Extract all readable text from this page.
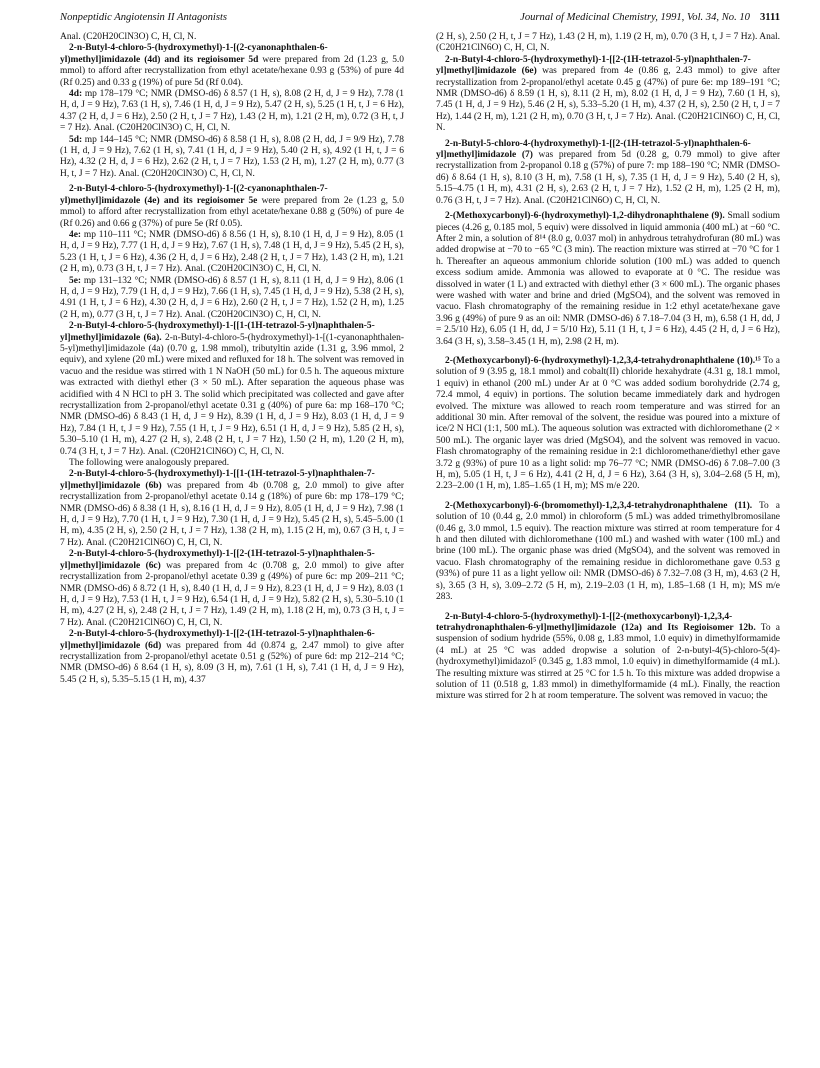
Nonpeptidic Angiotensin II Antagonists	Journal of Medicinal Chemistry, 1991, Vol. 34, No. 10 3111

Anal. (C20H20ClN3O) C, H, Cl, N.

2-n-Butyl-4-chloro-5-(hydroxymethyl)-1-[(2-cyanonaphthalen-6-yl)methyl]imidazole (4d) and its regioisomer 5d were prepared from 2d (1.23 g, 5.0 mmol) to afford after recrystallization from ethyl acetate/hexane 0.93 g (53%) of pure 4d (Rf 0.25) and 0.33 g (19%) of pure 5d (Rf 0.04).

4d: mp 178–179 °C; NMR (DMSO-d6) δ 8.57 (1 H, s), 8.08 (2 H, d, J = 9 Hz), 7.78 (1 H, d, J = 9 Hz), 7.63 (1 H, s), 7.46 (1 H, d, J = 9 Hz), 5.47 (2 H, s), 5.25 (1 H, t, J = 6 Hz), 4.37 (2 H, d, J = 6 Hz), 2.50 (2 H, t, J = 7 Hz), 1.43 (2 H, m), 1.21 (2 H, m), 0.72 (3 H, t, J = 7 Hz). Anal. (C20H20ClN3O) C, H, Cl, N.

5d: mp 144–145 °C; NMR (DMSO-d6) δ 8.58 (1 H, s), 8.08 (2 H, dd, J = 9/9 Hz), 7.78 (1 H, d, J = 9 Hz), 7.62 (1 H, s), 7.41 (1 H, d, J = 9 Hz), 5.40 (2 H, s), 4.92 (1 H, t, J = 6 Hz), 4.32 (2 H, d, J = 6 Hz), 2.62 (2 H, t, J = 7 Hz), 1.53 (2 H, m), 1.27 (2 H, m), 0.77 (3 H, t, J = 7 Hz). Anal. (C20H20ClN3O) C, H, Cl, N.

2-n-Butyl-4-chloro-5-(hydroxymethyl)-1-[(2-cyanonaphthalen-7-yl)methyl]imidazole (4e) and its regioisomer 5e were prepared from 2e (1.23 g, 5.0 mmol) to afford after recrystallization from ethyl acetate/hexane 0.88 g (50%) of pure 4e (Rf 0.26) and 0.66 g (37%) of pure 5e (Rf 0.05).

4e: mp 110–111 °C; NMR (DMSO-d6) δ 8.56 (1 H, s), 8.10 (1 H, d, J = 9 Hz), 8.05 (1 H, d, J = 9 Hz), 7.77 (1 H, d, J = 9 Hz), 7.67 (1 H, s), 7.48 (1 H, d, J = 9 Hz), 5.45 (2 H, s), 5.23 (1 H, t, J = 6 Hz), 4.36 (2 H, d, J = 6 Hz), 2.48 (2 H, t, J = 7 Hz), 1.43 (2 H, m), 1.21 (2 H, m), 0.73 (3 H, t, J = 7 Hz). Anal. (C20H20ClN3O) C, H, Cl, N.

5e: mp 131–132 °C; NMR (DMSO-d6) δ 8.57 (1 H, s), 8.11 (1 H, d, J = 9 Hz), 8.06 (1 H, d, J = 9 Hz), 7.79 (1 H, d, J = 9 Hz), 7.66 (1 H, s), 7.45 (1 H, d, J = 9 Hz), 5.38 (2 H, s), 4.91 (1 H, t, J = 6 Hz), 4.30 (2 H, d, J = 6 Hz), 2.60 (2 H, t, J = 7 Hz), 1.52 (2 H, m), 1.25 (2 H, m), 0.77 (3 H, t, J = 7 Hz). Anal. (C20H20ClN3O) C, H, Cl, N.

2-n-Butyl-4-chloro-5-(hydroxymethyl)-1-[[1-(1H-tetrazol-5-yl)naphthalen-5-yl]methyl]imidazole (6a). 2-n-Butyl-4-chloro-5-(hydroxymethyl)-1-[(1-cyanonaphthalen-5-yl)methyl]imidazole (4a) (0.70 g, 1.98 mmol), tributyltin azide (1.31 g, 3.96 mmol, 2 equiv), and xylene (20 mL) were mixed and refluxed for 18 h. The solvent was removed in vacuo and the residue was stirred with 1 N NaOH (50 mL) for 0.5 h. The aqueous mixture was extracted with diethyl ether (3 × 50 mL). After separation the aqueous phase was acidified with 4 N HCl to pH 3. The solid which precipitated was collected and gave after recrystallization from 2-propanol/ethyl acetate 0.31 g (40%) of pure 6a: mp 168–170 °C; NMR (DMSO-d6) δ 8.43 (1 H, d, J = 9 Hz), 8.39 (1 H, d, J = 9 Hz), 8.03 (1 H, d, J = 9 Hz), 7.84 (1 H, t, J = 9 Hz), 7.55 (1 H, t, J = 9 Hz), 6.51 (1 H, d, J = 9 Hz), 5.85 (2 H, s), 5.30–5.10 (1 H, m), 4.27 (2 H, s), 2.48 (2 H, t, J = 7 Hz), 1.50 (2 H, m), 1.20 (2 H, m), 0.74 (3 H, t, J = 7 Hz). Anal. (C20H21ClN6O) C, H, Cl, N.

The following were analogously prepared.

2-n-Butyl-4-chloro-5-(hydroxymethyl)-1-[[1-(1H-tetrazol-5-yl)naphthalen-7-yl]methyl]imidazole (6b) was prepared from 4b (0.708 g, 2.0 mmol) to give after recrystallization from 2-propanol/ethyl acetate 0.14 g (18%) of pure 6b: mp 178–179 °C; NMR (DMSO-d6) δ 8.38 (1 H, s), 8.16 (1 H, d, J = 9 Hz), 8.05 (1 H, d, J = 9 Hz), 7.98 (1 H, d, J = 9 Hz), 7.70 (1 H, t, J = 9 Hz), 7.30 (1 H, d, J = 9 Hz), 5.45 (2 H, s), 5.45–5.00 (1 H, m), 4.35 (2 H, s), 2.50 (2 H, t, J = 7 Hz), 1.38 (2 H, m), 1.15 (2 H, m), 0.67 (3 H, t, J = 7 Hz). Anal. (C20H21ClN6O) C, H, Cl, N.

2-n-Butyl-4-chloro-5-(hydroxymethyl)-1-[[2-(1H-tetrazol-5-yl)naphthalen-5-yl]methyl]imidazole (6c) was prepared from 4c (0.708 g, 2.0 mmol) to give after recrystallization from 2-propanol/ethyl acetate 0.39 g (49%) of pure 6c: mp 209–211 °C; NMR (DMSO-d6) δ 8.72 (1 H, s), 8.40 (1 H, d, J = 9 Hz), 8.23 (1 H, d, J = 9 Hz), 8.03 (1 H, d, J = 9 Hz), 7.53 (1 H, t, J = 9 Hz), 6.54 (1 H, d, J = 9 Hz), 5.82 (2 H, s), 5.30–5.10 (1 H, m), 4.27 (2 H, s), 2.48 (2 H, t, J = 7 Hz), 1.49 (2 H, m), 1.18 (2 H, m), 0.73 (3 H, t, J = 7 Hz). Anal. (C20H21ClN6O) C, H, Cl, N.

2-n-Butyl-4-chloro-5-(hydroxymethyl)-1-[[2-(1H-tetrazol-5-yl)naphthalen-6-yl]methyl]imidazole (6d) was prepared from 4d (0.874 g, 2.47 mmol) to give after recrystallization from 2-propanol/ethyl acetate 0.51 g (52%) of pure 6d: mp 212–214 °C; NMR (DMSO-d6) δ 8.64 (1 H, s), 8.09 (3 H, m), 7.61 (1 H, s), 7.41 (1 H, d, J = 9 Hz), 5.45 (2 H, s), 5.35–5.15 (1 H, m), 4.37

(2 H, s), 2.50 (2 H, t, J = 7 Hz), 1.43 (2 H, m), 1.19 (2 H, m), 0.70 (3 H, t, J = 7 Hz). Anal. (C20H21ClN6O) C, H, Cl, N.

2-n-Butyl-4-chloro-5-(hydroxymethyl)-1-[[2-(1H-tetrazol-5-yl)naphthalen-7-yl]methyl]imidazole (6e) was prepared from 4e (0.86 g, 2.43 mmol) to give after recrystallization from 2-propanol/ethyl acetate 0.45 g (47%) of pure 6e: mp 189–191 °C; NMR (DMSO-d6) δ 8.59 (1 H, s), 8.11 (2 H, m), 8.02 (1 H, d, J = 9 Hz), 7.60 (1 H, s), 7.45 (1 H, d, J = 9 Hz), 5.46 (2 H, s), 5.33–5.20 (1 H, m), 4.37 (2 H, s), 2.50 (2 H, t, J = 7 Hz), 1.44 (2 H, m), 1.21 (2 H, m), 0.70 (3 H, t, J = 7 Hz). Anal. (C20H21ClN6O) C, H, Cl, N.

2-n-Butyl-5-chloro-4-(hydroxymethyl)-1-[[2-(1H-tetrazol-5-yl)naphthalen-6-yl]methyl]imidazole (7) was prepared from 5d (0.28 g, 0.79 mmol) to give after recrystallization from 2-propanol 0.18 g (57%) of pure 7: mp 188–190 °C; NMR (DMSO-d6) δ 8.64 (1 H, s), 8.10 (3 H, m), 7.58 (1 H, s), 7.35 (1 H, d, J = 9 Hz), 5.40 (2 H, s), 5.15–4.75 (1 H, m), 4.31 (2 H, s), 2.63 (2 H, t, J = 7 Hz), 1.52 (2 H, m), 1.25 (2 H, m), 0.76 (3 H, t, J = 7 Hz). Anal. (C20H21ClN6O) C, H, Cl, N.

2-(Methoxycarbonyl)-6-(hydroxymethyl)-1,2-dihydronaphthalene (9). Small sodium pieces (4.26 g, 0.185 mol, 5 equiv) were dissolved in liquid ammonia (400 mL) at −60 °C. After 2 min, a solution of 8¹⁴ (8.0 g, 0.037 mol) in anhydrous tetrahydrofuran (80 mL) was added dropwise at −70 to −65 °C (3 min). The reaction mixture was stirred at −70 °C for 1 h. Thereafter an aqueous ammonium chloride solution (100 mL) was added to quench excess sodium amide. Ammonia was allowed to evaporate at 0 °C. The residue was dissolved in water (1 L) and extracted with diethyl ether (3 × 600 mL). The organic phases were washed with water and brine and dried (MgSO4), and the solvent was removed in vacuo. Flash chromatography of the remaining residue in 1:2 ethyl acetate/hexane gave 3.96 g (49%) of pure 9 as an oil: NMR (DMSO-d6) δ 7.18–7.04 (3 H, m), 6.58 (1 H, dd, J = 2.5/10 Hz), 6.05 (1 H, dd, J = 5/10 Hz), 5.11 (1 H, t, J = 6 Hz), 4.45 (2 H, d, J = 6 Hz), 3.64 (3 H, s), 3.58–3.45 (1 H, m), 2.98 (2 H, m).

2-(Methoxycarbonyl)-6-(hydroxymethyl)-1,2,3,4-tetrahydronaphthalene (10).¹⁵ To a solution of 9 (3.95 g, 18.1 mmol) and cobalt(II) chloride hexahydrate (4.31 g, 18.1 mmol, 1 equiv) in ethanol (200 mL) under Ar at 0 °C was added sodium borohydride (2.74 g, 72.4 mmol, 4 equiv) in portions. The solution became immediately dark and hydrogen evolved. The mixture was allowed to reach room temperature and was stirred for an additional 30 min. After removal of the solvent, the residue was poured into a mixture of ice/2 N HCl (1:1, 500 mL). The aqueous solution was extracted with dichloromethane (2 × 500 mL). The organic layer was dried (MgSO4), and the solvent was removed in vacuo. Flash chromatography of the remaining residue in 2:1 dichloromethane/diethyl ether gave 3.72 g (93%) of pure 10 as a light solid: mp 76–77 °C; NMR (DMSO-d6) δ 7.08–7.00 (3 H, m), 5.05 (1 H, t, J = 6 Hz), 4.41 (2 H, d, J = 6 Hz), 3.64 (3 H, s), 3.04–2.68 (5 H, m), 2.23–2.00 (1 H, m), 1.85–1.65 (1 H, m); MS m/e 220.

2-(Methoxycarbonyl)-6-(bromomethyl)-1,2,3,4-tetrahydronaphthalene (11). To a solution of 10 (0.44 g, 2.0 mmol) in chloroform (5 mL) was added trimethylbromosilane (0.46 g, 3.0 mmol, 1.5 equiv). The reaction mixture was stirred at room temperature for 4 h and then diluted with dichloromethane (100 mL) and washed with water (100 mL) and brine (100 mL). The organic phase was dried (MgSO4), and the solvent was removed in vacuo. Flash chromatography of the remaining residue in dichloromethane gave 0.53 g (93%) of pure 11 as a light yellow oil: NMR (DMSO-d6) δ 7.32–7.08 (3 H, m), 4.63 (2 H, s), 3.65 (3 H, s), 3.09–2.72 (5 H, m), 2.19–2.03 (1 H, m), 1.85–1.68 (1 H, m); MS m/e 283.

2-n-Butyl-4-chloro-5-(hydroxymethyl)-1-[[2-(methoxycarbonyl)-1,2,3,4-tetrahydronaphthalen-6-yl]methyl]imidazole (12a) and Its Regioisomer 12b. To a suspension of sodium hydride (55%, 0.08 g, 1.83 mmol, 1.0 equiv) in dimethylformamide (4 mL) at 25 °C was added dropwise a solution of 2-n-butyl-4(5)-chloro-5(4)-(hydroxymethyl)imidazol⁵ (0.345 g, 1.83 mmol, 1.0 equiv) in dimethylformamide (4 mL). The resulting mixture was stirred at 25 °C for 1.5 h. To this mixture was added dropwise a solution of 11 (0.518 g, 1.83 mmol) in dimethylformamide (4 mL). Finally, the reaction mixture was stirred for 2 h at room temperature. The solvent was removed in vacuo; the
